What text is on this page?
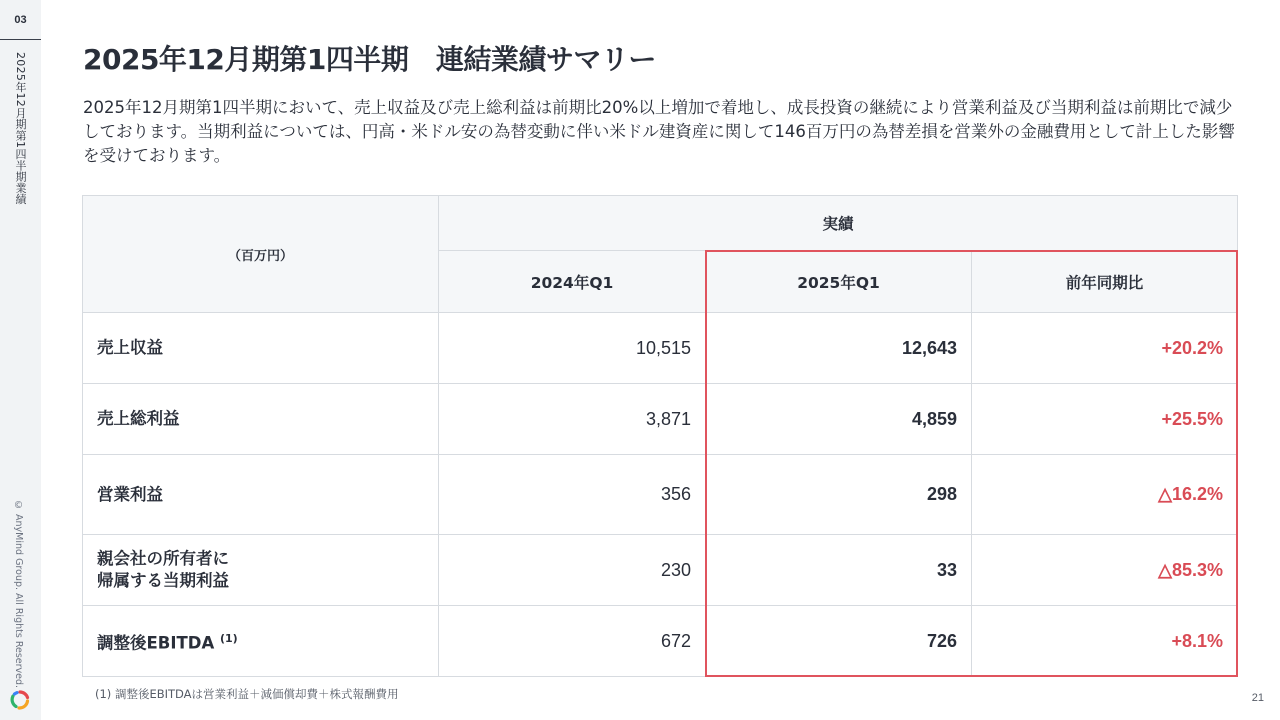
03
2025年12月期第1四半期業績
© AnyMind Group. All Rights Reserved.
2025年12月期第1四半期　連結業績サマリー

2025年12月期第1四半期において、売上収益及び売上総利益は前期比20%以上増加で着地し、成長投資の継続により営業利益及び当期利益は前期比で減少しております。当期利益については、円高・米ドル安の為替変動に伴い米ドル建資産に関して146百万円の為替差損を営業外の金融費用として計上した影響を受けております。

（百万円）	実績		
	2024年Q1	2025年Q1	前年同期比
売上収益	10,515	12,643	+20.2%
売上総利益	3,871	4,859	+25.5%
営業利益	356	298	△16.2%
親会社の所有者に
帰属する当期利益	230	33	△85.3%
調整後EBITDA $^{(1)}$	672	726	+8.1%
(1) 調整後EBITDAは営業利益＋減価償却費＋株式報酬費用	21
